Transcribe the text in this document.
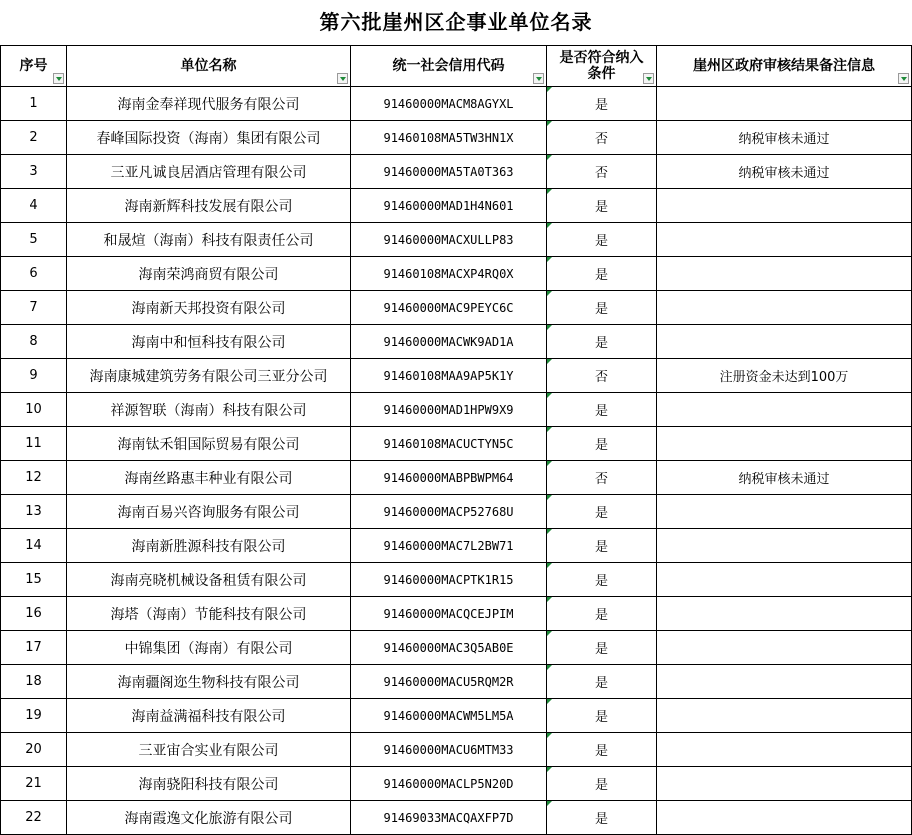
第六批崖州区企事业单位名录
序号	单位名称	统一社会信用代码	是否符合纳入条件	崖州区政府审核结果备注信息

1	海南金奉祥现代服务有限公司	91460000MACM8AGYXL	是	
2	春峰国际投资（海南）集团有限公司	91460108MA5TW3HN1X	否	纳税审核未通过
3	三亚凡诚良居酒店管理有限公司	91460000MA5TA0T363	否	纳税审核未通过
4	海南新辉科技发展有限公司	91460000MAD1H4N601	是	
5	和晟煊（海南）科技有限责任公司	91460000MACXULLP83	是	
6	海南荣鸿商贸有限公司	91460108MACXP4RQ0X	是	
7	海南新天邦投资有限公司	91460000MAC9PEYC6C	是	
8	海南中和恒科技有限公司	91460000MACWK9AD1A	是	
9	海南康城建筑劳务有限公司三亚分公司	91460108MAA9AP5K1Y	否	注册资金未达到100万
10	祥源智联（海南）科技有限公司	91460000MAD1HPW9X9	是	
11	海南钛禾钼国际贸易有限公司	91460108MACUCTYN5C	是	
12	海南丝路惠丰种业有限公司	91460000MABPBWPM64	否	纳税审核未通过
13	海南百易兴咨询服务有限公司	91460000MACP52768U	是	
14	海南新胜源科技有限公司	91460000MAC7L2BW71	是	
15	海南亮晓机械设备租赁有限公司	91460000MACPTK1R15	是	
16	海塔（海南）节能科技有限公司	91460000MACQCEJPIM	是	
17	中锦集团（海南）有限公司	91460000MAC3Q5AB0E	是	
18	海南疆阁迩生物科技有限公司	91460000MACU5RQM2R	是	
19	海南益满福科技有限公司	91460000MACWM5LM5A	是	
20	三亚宙合实业有限公司	91460000MACU6MTM33	是	
21	海南骁阳科技有限公司	91460000MACLP5N20D	是	
22	海南霞逸文化旅游有限公司	91469033MACQAXFP7D	是	
